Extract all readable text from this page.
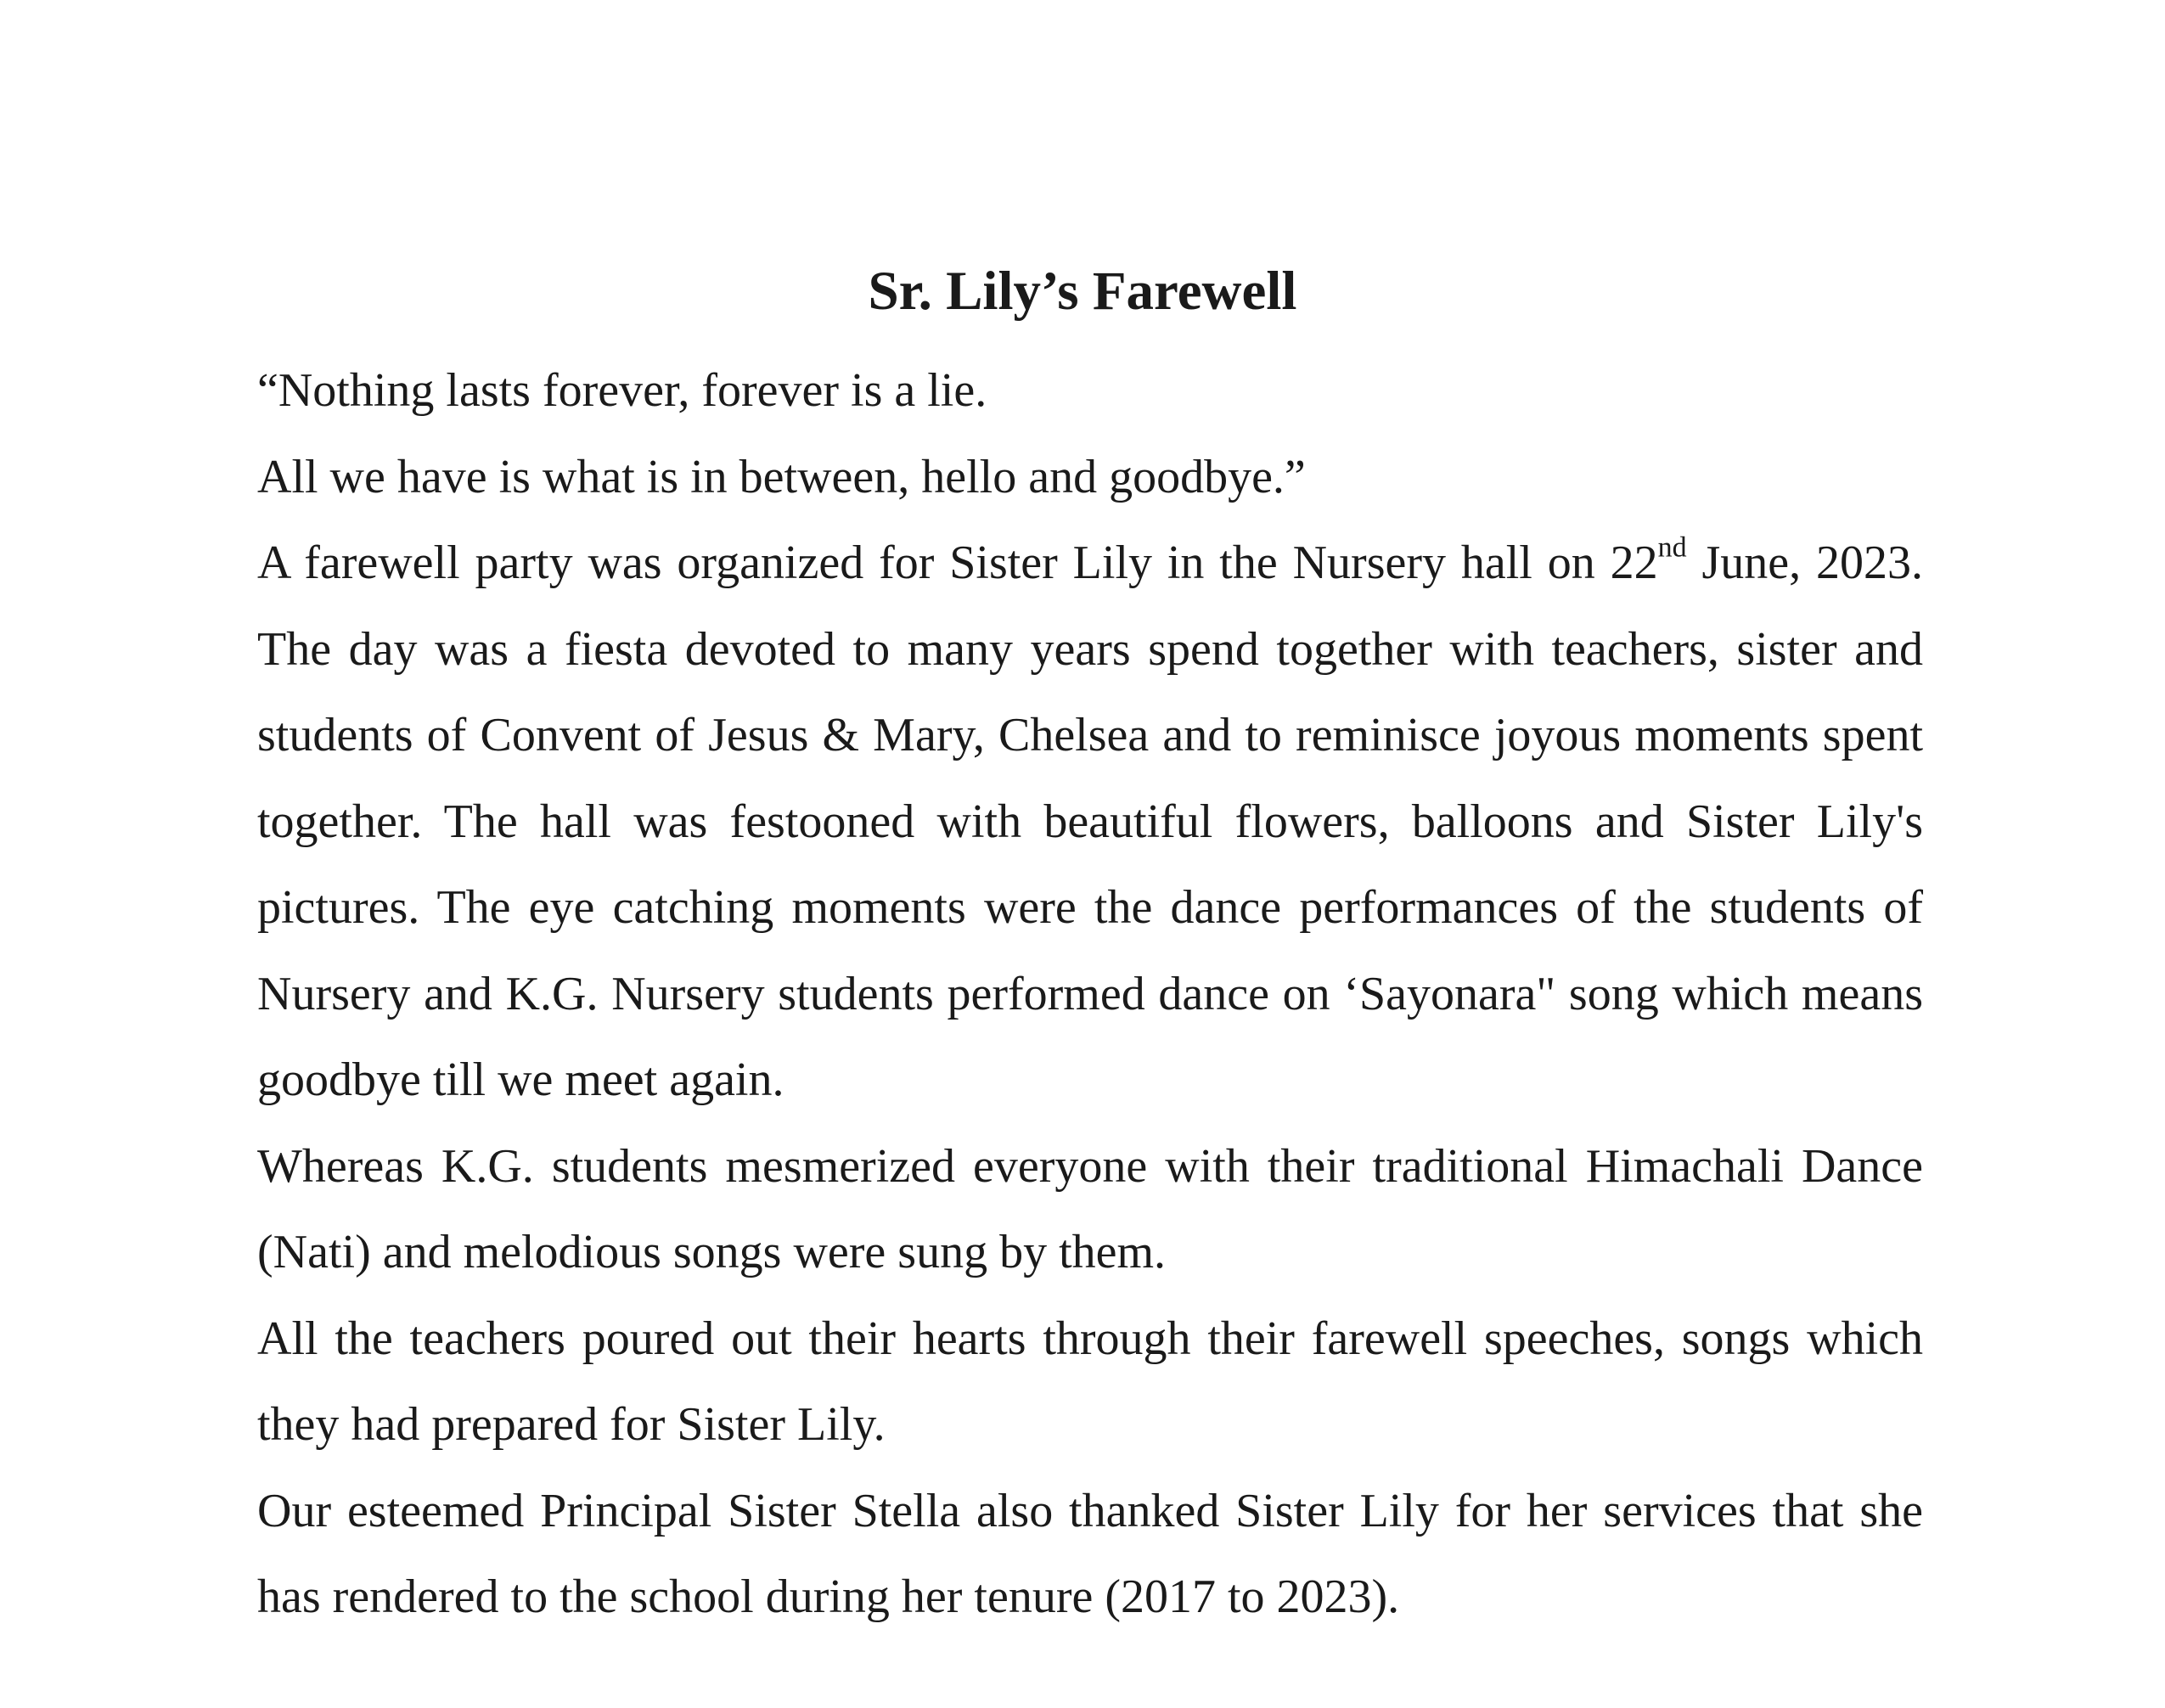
Sr. Lily’s Farewell

“Nothing lasts forever, forever is a lie.

All we have is what is in between, hello and goodbye.”

A farewell party was organized for Sister Lily in the Nursery hall on 22nd June, 2023. The day was a fiesta devoted to many years spend together with teachers, sister and students of Convent of Jesus & Mary, Chelsea and to reminisce joyous moments spent together. The hall was festooned with beautiful flowers, balloons and Sister Lily's pictures. The eye catching moments were the dance performances of the students of Nursery and K.G. Nursery students performed dance on ‘Sayonara" song which means goodbye till we meet again.

Whereas K.G. students mesmerized everyone with their traditional Himachali Dance (Nati) and melodious songs were sung by them.

All the teachers poured out their hearts through their farewell speeches, songs which they had prepared for Sister Lily.

Our esteemed Principal Sister Stella also thanked Sister Lily for her services that she has rendered to the school during her tenure (2017 to 2023).
